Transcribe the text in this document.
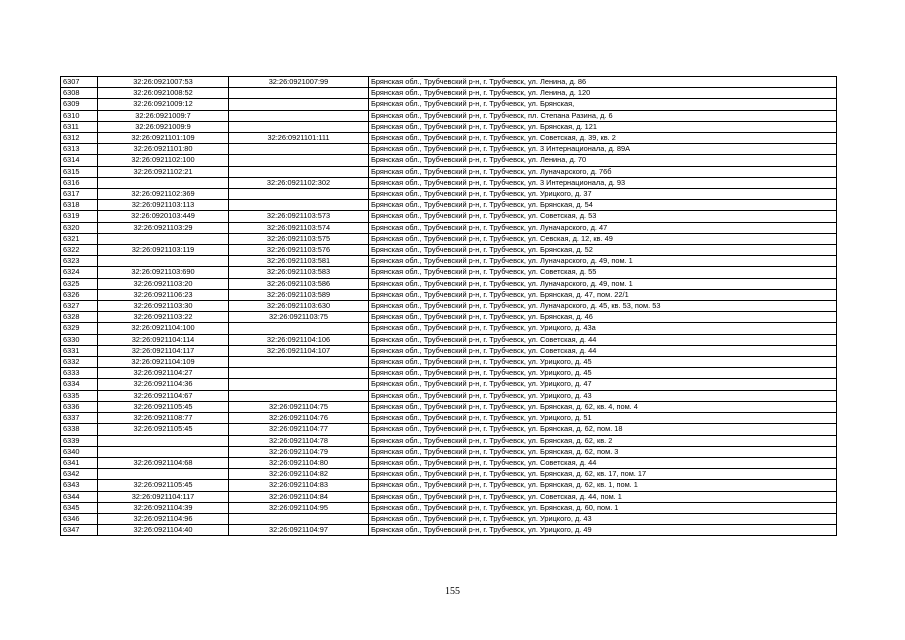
6307	32:26:0921007:53	32:26:0921007:99	Брянская обл., Трубчевский р-н, г. Трубчевск, ул. Ленина, д. 86
6308	32:26:0921008:52		Брянская обл., Трубчевский р-н, г. Трубчевск, ул. Ленина, д. 120
6309	32:26:0921009:12		Брянская обл., Трубчевский р-н, г. Трубчевск, ул. Брянская,
6310	32:26:0921009:7		Брянская обл., Трубчевский р-н, г. Трубчевск, пл. Степана Разина, д. 6
6311	32:26:0921009:9		Брянская обл., Трубчевский р-н, г. Трубчевск, ул. Брянская, д. 121
6312	32:26:0921101:109	32:26:0921101:111	Брянская обл., Трубчевский р-н, г. Трубчевск, ул. Советская, д. 39, кв. 2
6313	32:26:0921101:80		Брянская обл., Трубчевский р-н, г. Трубчевск, ул. 3 Интернационала, д. 89А
6314	32:26:0921102:100		Брянская обл., Трубчевский р-н, г. Трубчевск, ул. Ленина, д. 70
6315	32:26:0921102:21		Брянская обл., Трубчевский р-н, г. Трубчевск, ул. Луначарского, д. 76б
6316		32:26:0921102:302	Брянская обл., Трубчевский р-н, г. Трубчевск, ул. 3 Интернационала, д. 93
6317	32:26:0921102:369		Брянская обл., Трубчевский р-н, г. Трубчевск, ул. Урицкого, д. 37
6318	32:26:0921103:113		Брянская обл., Трубчевский р-н, г. Трубчевск, ул. Брянская, д. 54
6319	32:26:0920103:449	32:26:0921103:573	Брянская обл., Трубчевский р-н, г. Трубчевск, ул. Советская, д. 53
6320	32:26:0921103:29	32:26:0921103:574	Брянская обл., Трубчевский р-н, г. Трубчевск, ул. Луначарского, д. 47
6321		32:26:0921103:575	Брянская обл., Трубчевский р-н, г. Трубчевск, ул. Севская, д. 12, кв. 49
6322	32:26:0921103:119	32:26:0921103:576	Брянская обл., Трубчевский р-н, г. Трубчевск, ул. Брянская, д. 52
6323		32:26:0921103:581	Брянская обл., Трубчевский р-н, г. Трубчевск, ул. Луначарского, д. 49, пом. 1
6324	32:26:0921103:690	32:26:0921103:583	Брянская обл., Трубчевский р-н, г. Трубчевск, ул. Советская, д. 55
6325	32:26:0921103:20	32:26:0921103:586	Брянская обл., Трубчевский р-н, г. Трубчевск, ул. Луначарского, д. 49, пом. 1
6326	32:26:0921106:23	32:26:0921103:589	Брянская обл., Трубчевский р-н, г. Трубчевск, ул. Брянская, д. 47, пом. 22/1
6327	32:26:0921103:30	32:26:0921103:630	Брянская обл., Трубчевский р-н, г. Трубчевск, ул. Луначарского, д. 45, кв. 53, пом. 53
6328	32:26:0921103:22	32:26:0921103:75	Брянская обл., Трубчевский р-н, г. Трубчевск, ул. Брянская, д. 46
6329	32:26:0921104:100		Брянская обл., Трубчевский р-н, г. Трубчевск, ул. Урицкого, д. 43а
6330	32:26:0921104:114	32:26:0921104:106	Брянская обл., Трубчевский р-н, г. Трубчевск, ул. Советская, д. 44
6331	32:26:0921104:117	32:26:0921104:107	Брянская обл., Трубчевский р-н, г. Трубчевск, ул. Советская, д. 44
6332	32:26:0921104:109		Брянская обл., Трубчевский р-н, г. Трубчевск, ул. Урицкого, д. 45
6333	32:26:0921104:27		Брянская обл., Трубчевский р-н, г. Трубчевск, ул. Урицкого, д. 45
6334	32:26:0921104:36		Брянская обл., Трубчевский р-н, г. Трубчевск, ул. Урицкого, д. 47
6335	32:26:0921104:67		Брянская обл., Трубчевский р-н, г. Трубчевск, ул. Урицкого, д. 43
6336	32:26:0921105:45	32:26:0921104:75	Брянская обл., Трубчевский р-н, г. Трубчевск, ул. Брянская, д. 62, кв. 4, пом. 4
6337	32:26:0921108:77	32:26:0921104:76	Брянская обл., Трубчевский р-н, г. Трубчевск, ул. Урицкого, д. 51
6338	32:26:0921105:45	32:26:0921104:77	Брянская обл., Трубчевский р-н, г. Трубчевск, ул. Брянская, д. 62, пом. 18
6339		32:26:0921104:78	Брянская обл., Трубчевский р-н, г. Трубчевск, ул. Брянская, д. 62, кв. 2
6340		32:26:0921104:79	Брянская обл., Трубчевский р-н, г. Трубчевск, ул. Брянская, д. 62, пом. 3
6341	32:26:0921104:68	32:26:0921104:80	Брянская обл., Трубчевский р-н, г. Трубчевск, ул. Советская, д. 44
6342		32:26:0921104:82	Брянская обл., Трубчевский р-н, г. Трубчевск, ул. Брянская, д. 62, кв. 17, пом. 17
6343	32:26:0921105:45	32:26:0921104:83	Брянская обл., Трубчевский р-н, г. Трубчевск, ул. Брянская, д. 62, кв. 1, пом. 1
6344	32:26:0921104:117	32:26:0921104:84	Брянская обл., Трубчевский р-н, г. Трубчевск, ул. Советская, д. 44, пом. 1
6345	32:26:0921104:39	32:26:0921104:95	Брянская обл., Трубчевский р-н, г. Трубчевск, ул. Брянская, д. 60, пом. 1
6346	32:26:0921104:96		Брянская обл., Трубчевский р-н, г. Трубчевск, ул. Урицкого, д. 43
6347	32:26:0921104:40	32:26:0921104:97	Брянская обл., Трубчевский р-н, г. Трубчевск, ул. Урицкого, д. 49
155
